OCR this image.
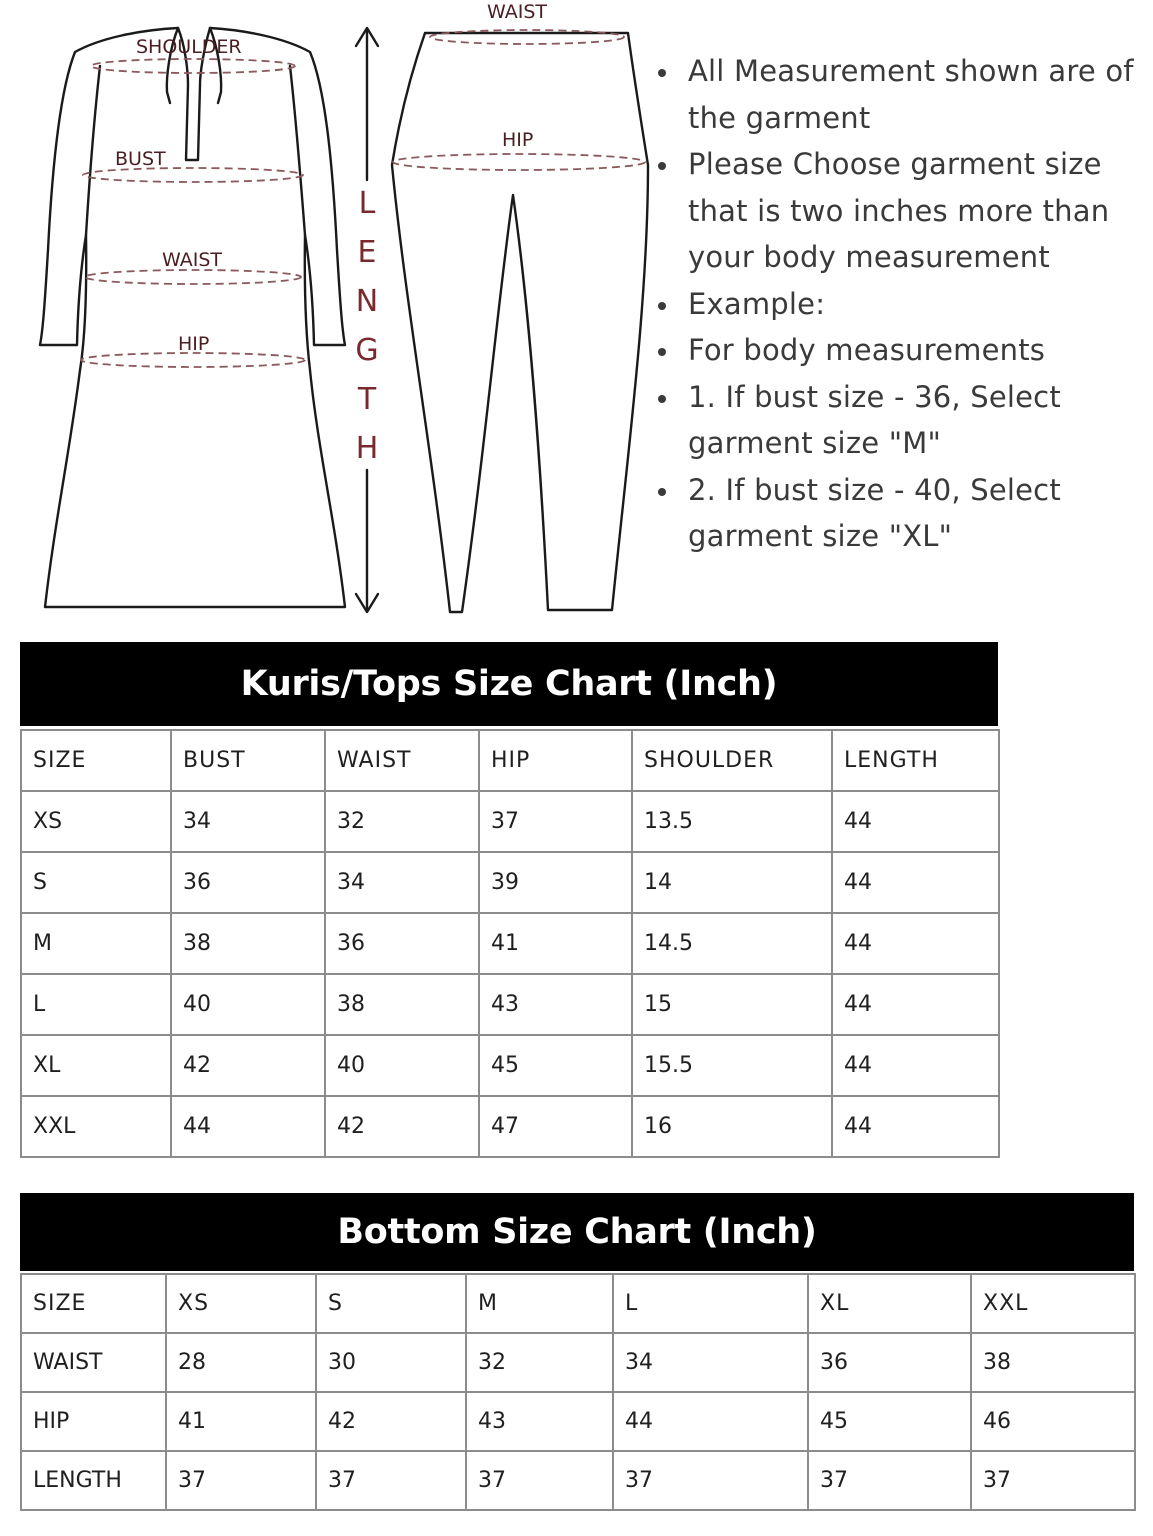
SHOULDER
BUST
WAIST
HIP
WAIST
HIP
L
E
N
G
T
H
All Measurement shown are of the garment
Please Choose garment size that is two inches more than your body measurement
Example:
For body measurements
1. If bust size - 36, Select garment size "M"
2. If bust size - 40, Select garment size "XL"
Kuris/Tops Size Chart (Inch)
SIZE	BUST	WAIST	HIP	SHOULDER	LENGTH
XS	34	32	37	13.5	44
S	36	34	39	14	44
M	38	36	41	14.5	44
L	40	38	43	15	44
XL	42	40	45	15.5	44
XXL	44	42	47	16	44
Bottom Size Chart (Inch)
SIZE	XS	S	M	L	XL	XXL
WAIST	28	30	32	34	36	38
HIP	41	42	43	44	45	46
LENGTH	37	37	37	37	37	37
